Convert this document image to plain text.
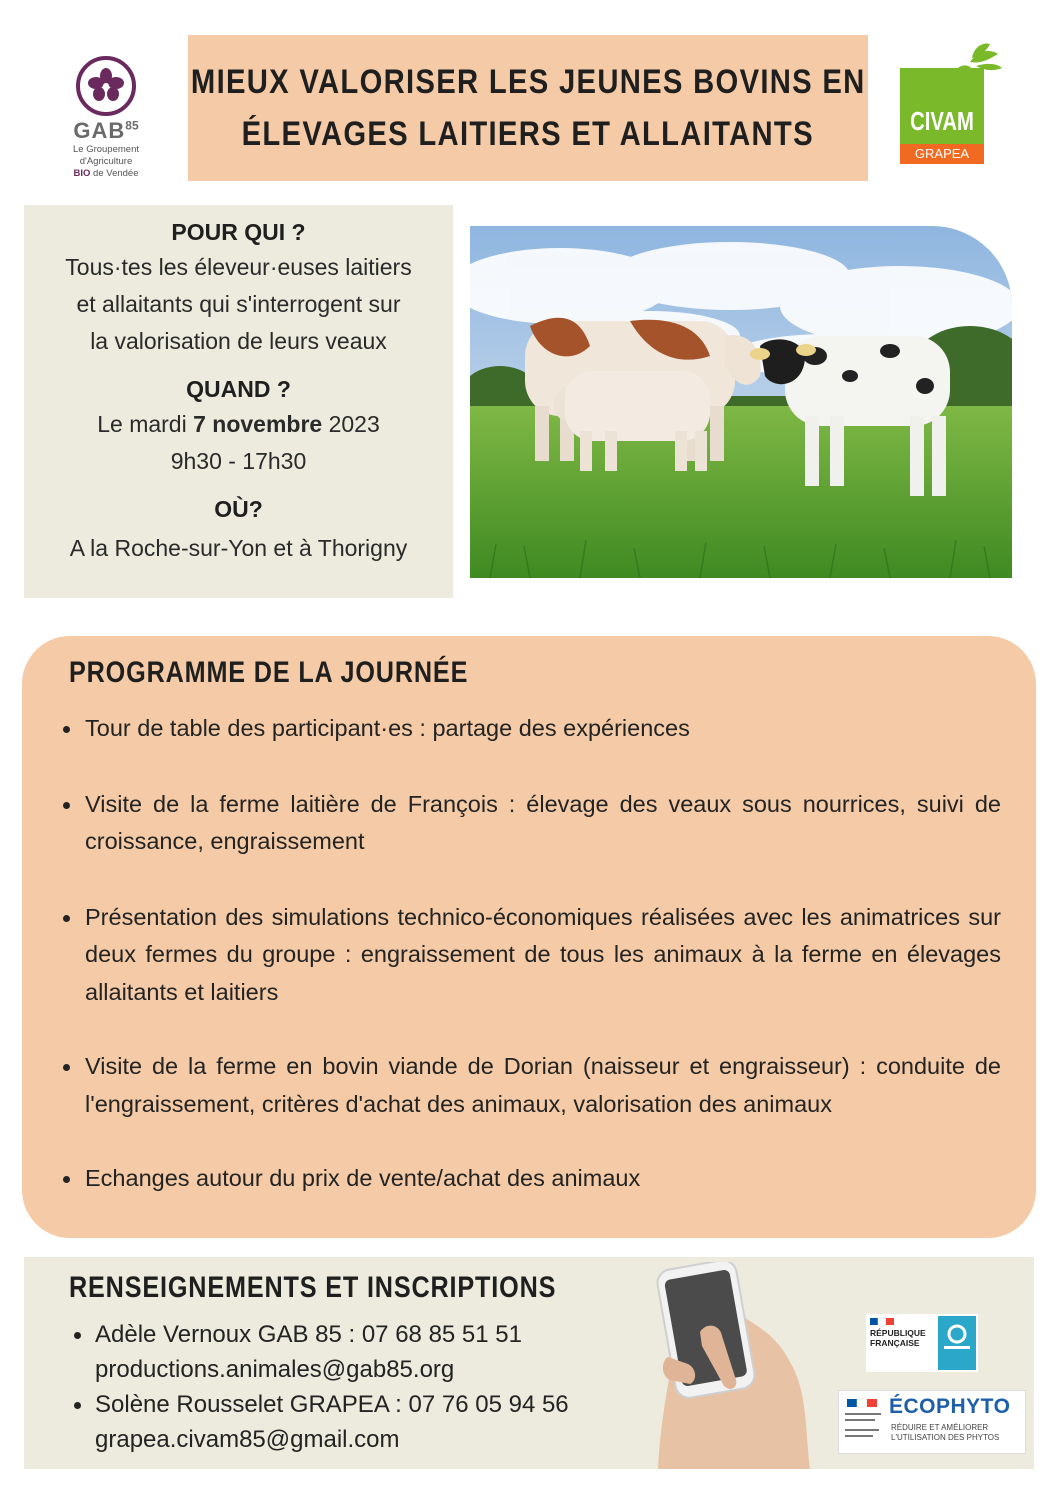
GAB$^{85}$
Le Groupement d'Agriculture
BIO de Vendée
MIEUX VALORISER LES JEUNES BOVINS EN
ÉLEVAGES LAITIERS ET ALLAITANTS	CIVAM
GRAPEA
POUR QUI ?
Tous·tes les éleveur·euses laitiers
et allaitants qui s'interrogent sur
la valorisation de leurs veaux
QUAND ?
Le mardi 7 novembre 2023
9h30 - 17h30
OÙ?
A la Roche-sur-Yon et à Thorigny
PROGRAMME DE LA JOURNÉE
Tour de table des participant·es : partage des expériences
Visite de la ferme laitière de François : élevage des veaux sous nourrices, suivi de croissance, engraissement
Présentation des simulations technico-économiques réalisées avec les animatrices sur deux fermes du groupe : engraissement de tous les animaux à la ferme en élevages allaitants et laitiers
Visite de la ferme en bovin viande de Dorian (naisseur et engraisseur) : conduite de l'engraissement, critères d'achat des animaux, valorisation des animaux
Echanges autour du prix de vente/achat des animaux
RENSEIGNEMENTS ET INSCRIPTIONS
Adèle Vernoux GAB 85 : 07 68 85 51 51
productions.animales@gab85.org
Solène Rousselet GRAPEA : 07 76 05 94 56
grapea.civam85@gmail.com
RÉPUBLIQUE
FRANÇAISE
ÉCOPHYTO
RÉDUIRE ET AMÉLIORER
L'UTILISATION DES PHYTOS
